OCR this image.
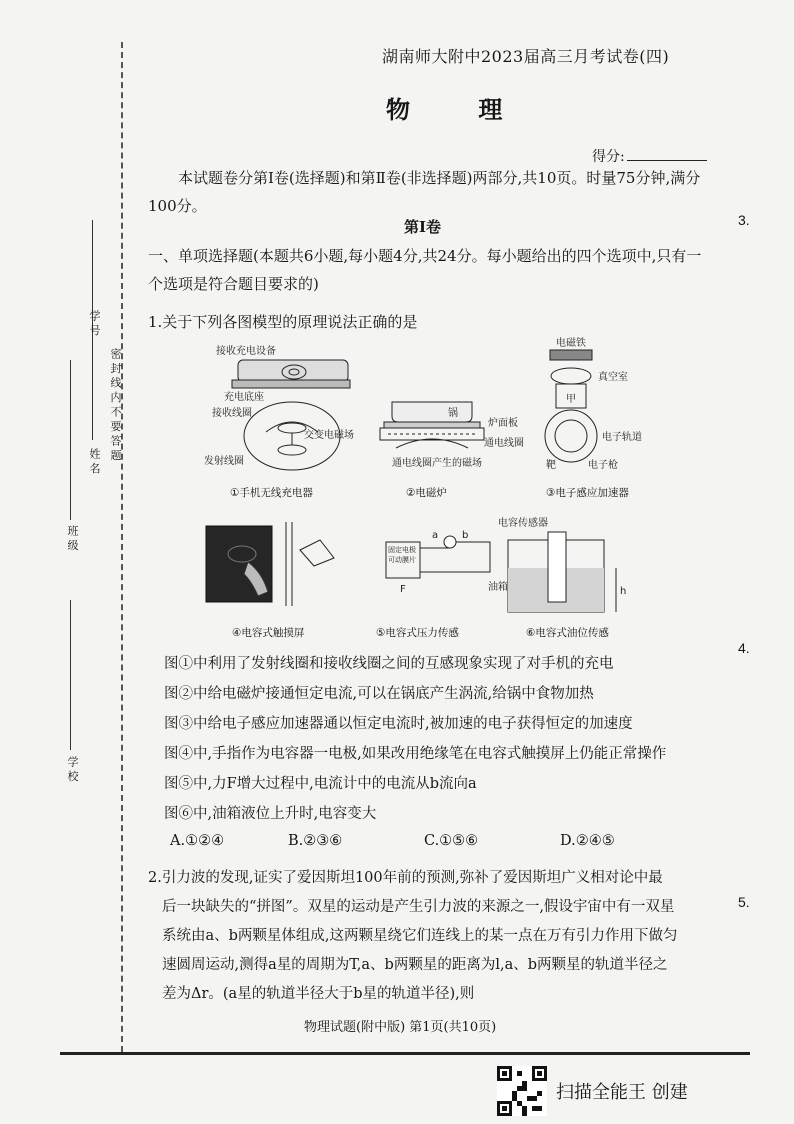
学 校
班 级
姓 名
学 号
密 封 线 内 不 要 答 题
3.
4.
5.
湖南师大附中2023届高三月考试卷(四)
物 理
得分:
本试题卷分第Ⅰ卷(选择题)和第Ⅱ卷(非选择题)两部分,共10页。时量75分钟,满分100分。
第Ⅰ卷
一、单项选择题(本题共6小题,每小题4分,共24分。每小题给出的四个选项中,只有一个选项是符合题目要求的)
1.关于下列各图模型的原理说法正确的是
接收充电设备
充电底座
接收线圈
交变电磁场
发射线圈
①手机无线充电器
锅
炉面板
通电线圈
通电线圈产生的磁场
②电磁炉
电磁铁
真空室
甲
电子轨道
靶	电子枪
③电子感应加速器
④电容式触摸屏
固定电极
可动膜片
a b
F
⑤电容式压力传感
h
电容传感器
油箱
⑥电容式油位传感
图①中利用了发射线圈和接收线圈之间的互感现象实现了对手机的充电
图②中给电磁炉接通恒定电流,可以在锅底产生涡流,给锅中食物加热
图③中给电子感应加速器通以恒定电流时,被加速的电子获得恒定的加速度
图④中,手指作为电容器一电极,如果改用绝缘笔在电容式触摸屏上仍能正常操作
图⑤中,力F增大过程中,电流计中的电流从b流向a
图⑥中,油箱液位上升时,电容变大
A.①②④	B.②③⑥	C.①⑤⑥	D.②④⑤
2.引力波的发现,证实了爱因斯坦100年前的预测,弥补了爱因斯坦广义相对论中最
后一块缺失的“拼图”。双星的运动是产生引力波的来源之一,假设宇宙中有一双星
系统由a、b两颗星体组成,这两颗星绕它们连线上的某一点在万有引力作用下做匀
速圆周运动,测得a星的周期为T,a、b两颗星的距离为l,a、b两颗星的轨道半径之
差为Δr。(a星的轨道半径大于b星的轨道半径),则
物理试题(附中版) 第1页(共10页)
扫描全能王 创建
